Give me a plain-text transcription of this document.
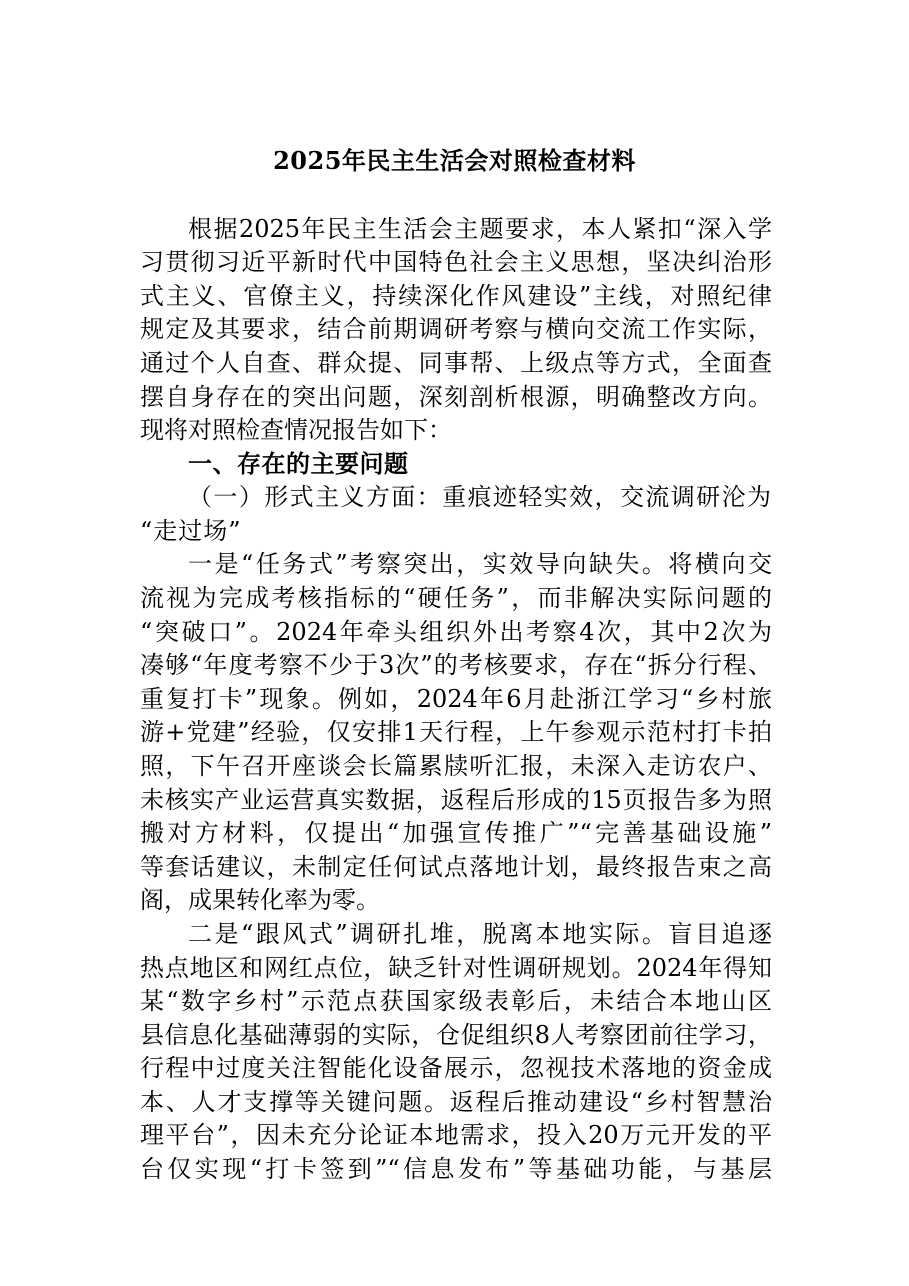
2025年民主生活会对照检查材料
根据2025年民主生活会主题要求，本人紧扣“深入学
习贯彻习近平新时代中国特色社会主义思想，坚决纠治形
式主义、官僚主义，持续深化作风建设”主线，对照纪律
规定及其要求，结合前期调研考察与横向交流工作实际，
通过个人自查、群众提、同事帮、上级点等方式，全面查
摆自身存在的突出问题，深刻剖析根源，明确整改方向。
现将对照检查情况报告如下：
一、存在的主要问题
（一）形式主义方面：重痕迹轻实效，交流调研沦为
“走过场”
一是“任务式”考察突出，实效导向缺失。将横向交
流视为完成考核指标的“硬任务”，而非解决实际问题的
“突破口”。2024年牵头组织外出考察4次，其中2次为
凑够“年度考察不少于3次”的考核要求，存在“拆分行程、
重复打卡”现象。例如，2024年6月赴浙江学习“乡村旅
游+党建”经验，仅安排1天行程，上午参观示范村打卡拍
照，下午召开座谈会长篇累牍听汇报，未深入走访农户、
未核实产业运营真实数据，返程后形成的15页报告多为照
搬对方材料，仅提出“加强宣传推广”“完善基础设施”
等套话建议，未制定任何试点落地计划，最终报告束之高
阁，成果转化率为零。
二是“跟风式”调研扎堆，脱离本地实际。盲目追逐
热点地区和网红点位，缺乏针对性调研规划。2024年得知
某“数字乡村”示范点获国家级表彰后，未结合本地山区
县信息化基础薄弱的实际，仓促组织8人考察团前往学习，
行程中过度关注智能化设备展示，忽视技术落地的资金成
本、人才支撑等关键问题。返程后推动建设“乡村智慧治
理平台”，因未充分论证本地需求，投入20万元开发的平
台仅实现“打卡签到”“信息发布”等基础功能，与基层
